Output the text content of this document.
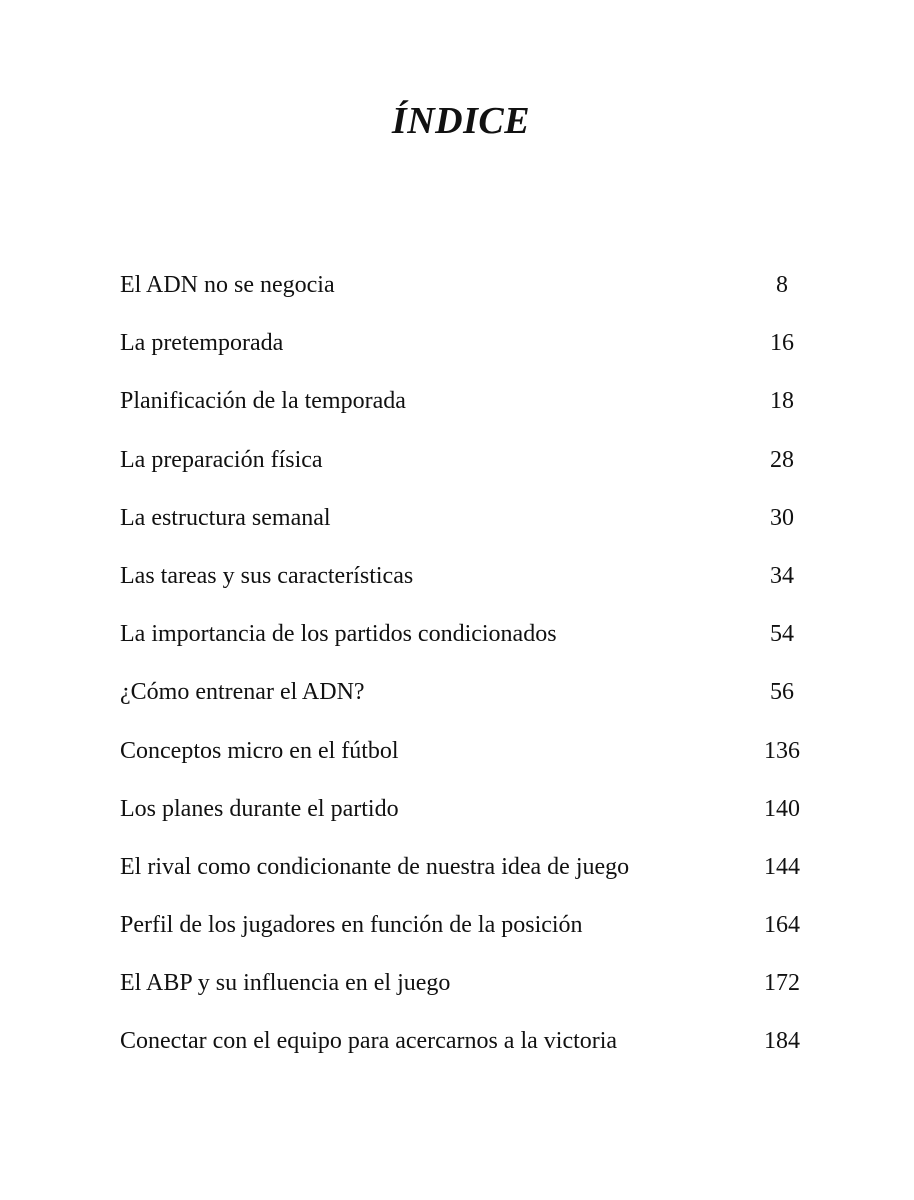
ÍNDICE
El ADN no se negocia	8
La pretemporada	16
Planificación de la temporada	18
La preparación física	28
La estructura semanal	30
Las tareas y sus características	34
La importancia de los partidos condicionados	54
¿Cómo entrenar el ADN?	56
Conceptos micro en el fútbol	136
Los planes durante el partido	140
El rival como condicionante de nuestra idea de juego	144
Perfil de los jugadores en función de la posición	164
El ABP y su influencia en el juego	172
Conectar con el equipo para acercarnos a la victoria	184
